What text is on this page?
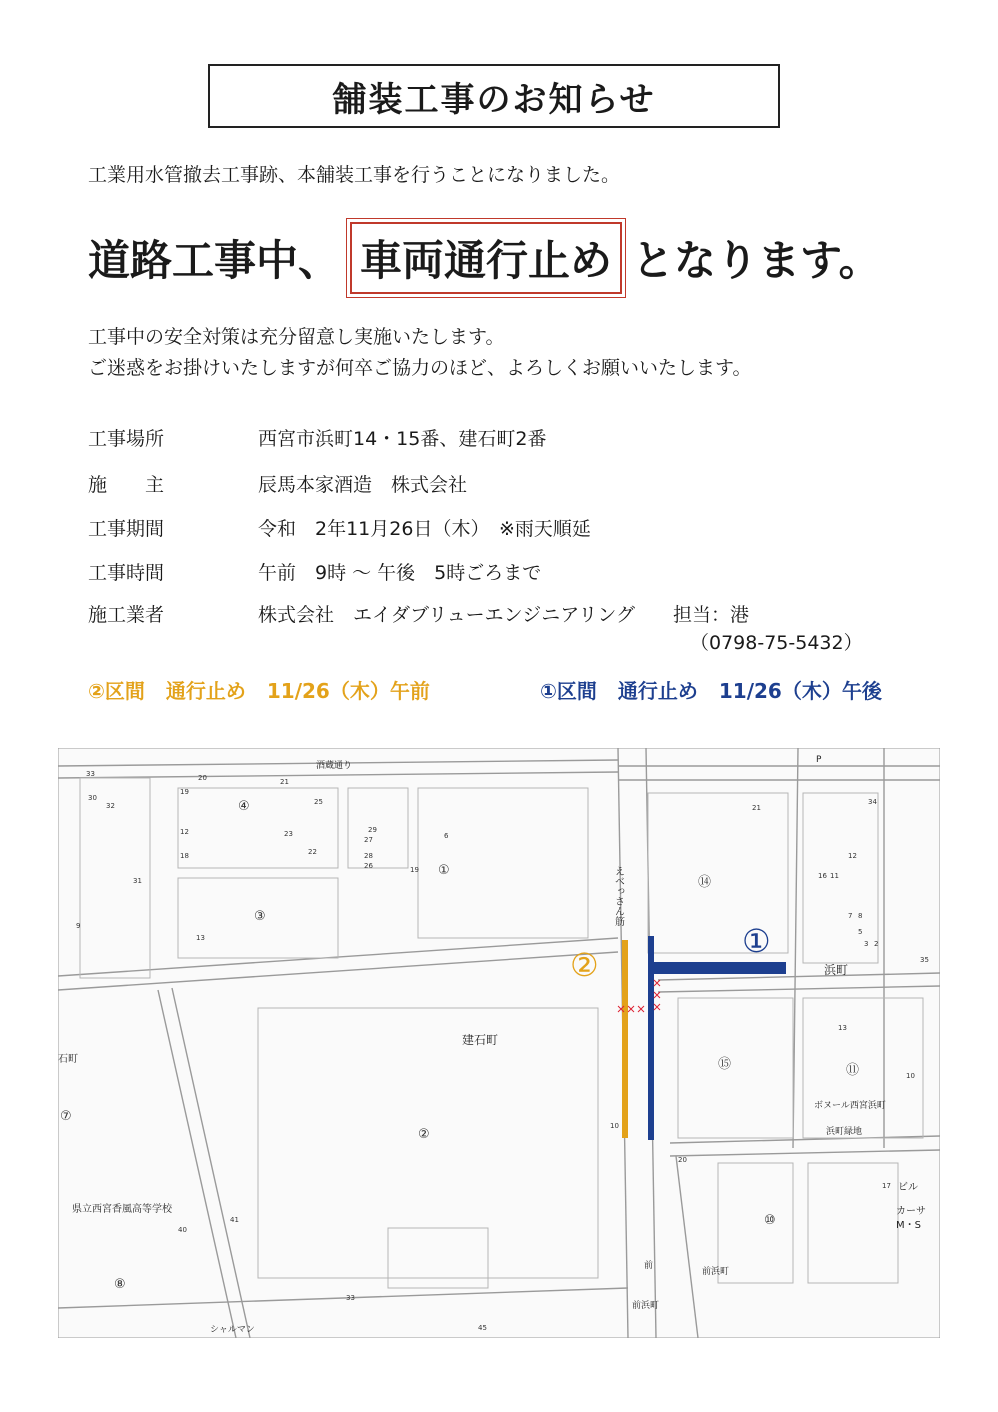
舗装工事のお知らせ
工業用水管撤去工事跡、本舗装工事を行うことになりました。
道路工事中、 車両通行止め となります。
工事中の安全対策は充分留意し実施いたします。
ご迷惑をお掛けいたしますが何卒ご協力のほど、よろしくお願いいたします。
工事場所	西宮市浜町14・15番、建石町2番
施　　主	辰馬本家酒造　株式会社
工事期間	令和　2年11月26日（木）　※雨天順延
工事時間	午前　9時 ～ 午後　5時ごろまで
施工業者	株式会社　エイダブリューエンジニアリング　　担当：港
（0798-75-5432）
②区間 通行止め 11/26（木）午前	①区間 通行止め 11/26（木）午後
33
30
32
31
20
19
12
18
13
21
23
22
25
6
29
27
28
26	19
9
10
40
41
33
45
20
21
7 8
5
3 2
35
10
17
16 11
12
13
34
④
③
①
②
⑦
⑧
⑭
⑮	⑪
⑩
建石町
浜町
前浜町
前浜町
前
県立西宮香風高等学校
ボヌール西宮浜町
浜町緑地
ビル
カーサ
M・S
酒蔵通り
シャルマン
石町
P
えべっさん筋
①
②
